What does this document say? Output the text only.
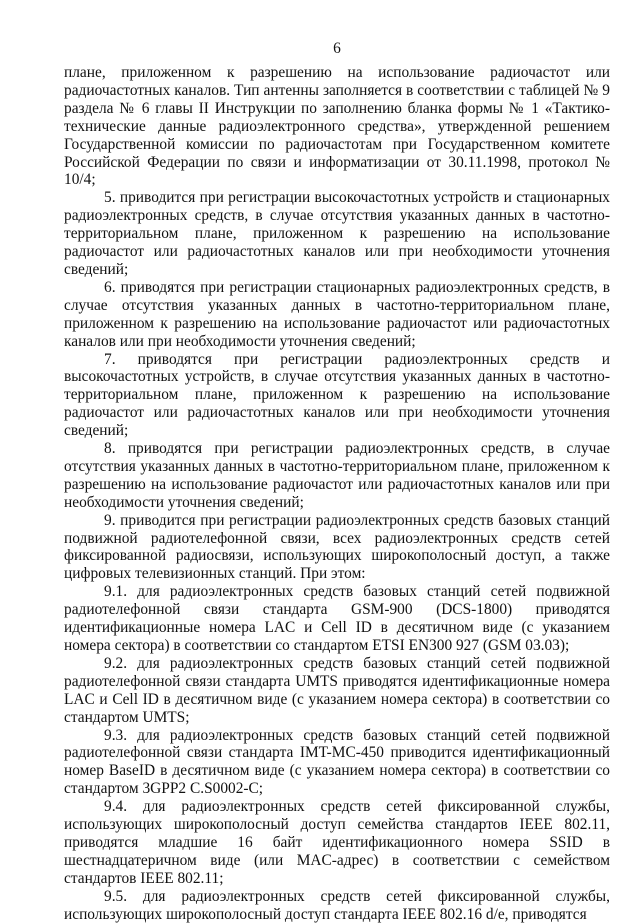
6

плане, приложенном к разрешению на использование радиочастот или радиочастотных каналов. Тип антенны заполняется в соответствии с таблицей № 9 раздела № 6 главы II Инструкции по заполнению бланка формы № 1 «Тактико-технические данные радиоэлектронного средства», утвержденной решением Государственной комиссии по радиочастотам при Государственном комитете Российской Федерации по связи и информатизации от 30.11.1998, протокол № 10/4;

5. приводится при регистрации высокочастотных устройств и стационарных радиоэлектронных средств, в случае отсутствия указанных данных в частотно-территориальном плане, приложенном к разрешению на использование радиочастот или радиочастотных каналов или при необходимости уточнения сведений;

6. приводятся при регистрации стационарных радиоэлектронных средств, в случае отсутствия указанных данных в частотно-территориальном плане, приложенном к разрешению на использование радиочастот или радиочастотных каналов или при необходимости уточнения сведений;

7. приводятся при регистрации радиоэлектронных средств и высокочастотных устройств, в случае отсутствия указанных данных в частотно-территориальном плане, приложенном к разрешению на использование радиочастот или радиочастотных каналов или при необходимости уточнения сведений;

8. приводятся при регистрации радиоэлектронных средств, в случае отсутствия указанных данных в частотно-территориальном плане, приложенном к разрешению на использование радиочастот или радиочастотных каналов или при необходимости уточнения сведений;

9. приводится при регистрации радиоэлектронных средств базовых станций подвижной радиотелефонной связи, всех радиоэлектронных средств сетей фиксированной радиосвязи, использующих широкополосный доступ, а также цифровых телевизионных станций. При этом:

9.1. для радиоэлектронных средств базовых станций сетей подвижной радиотелефонной связи стандарта GSM-900 (DCS-1800) приводятся идентификационные номера LAC и Cell ID в десятичном виде (с указанием номера сектора) в соответствии со стандартом ETSI EN300 927 (GSM 03.03);

9.2. для радиоэлектронных средств базовых станций сетей подвижной радиотелефонной связи стандарта UMTS приводятся идентификационные номера LAC и Cell ID в десятичном виде (с указанием номера сектора) в соответствии со стандартом UMTS;

9.3. для радиоэлектронных средств базовых станций сетей подвижной радиотелефонной связи стандарта IMT-MC-450 приводится идентификационный номер BaseID в десятичном виде (с указанием номера сектора) в соответствии со стандартом 3GPP2 C.S0002-C;

9.4. для радиоэлектронных средств сетей фиксированной службы, использующих широкополосный доступ семейства стандартов IEEE 802.11, приводятся младшие 16 байт идентификационного номера SSID в шестнадцатеричном виде (или MAC-адрес) в соответствии с семейством стандартов IEEE 802.11;

9.5. для радиоэлектронных средств сетей фиксированной службы, использующих широкополосный доступ стандарта IEEE 802.16 d/e, приводятся
